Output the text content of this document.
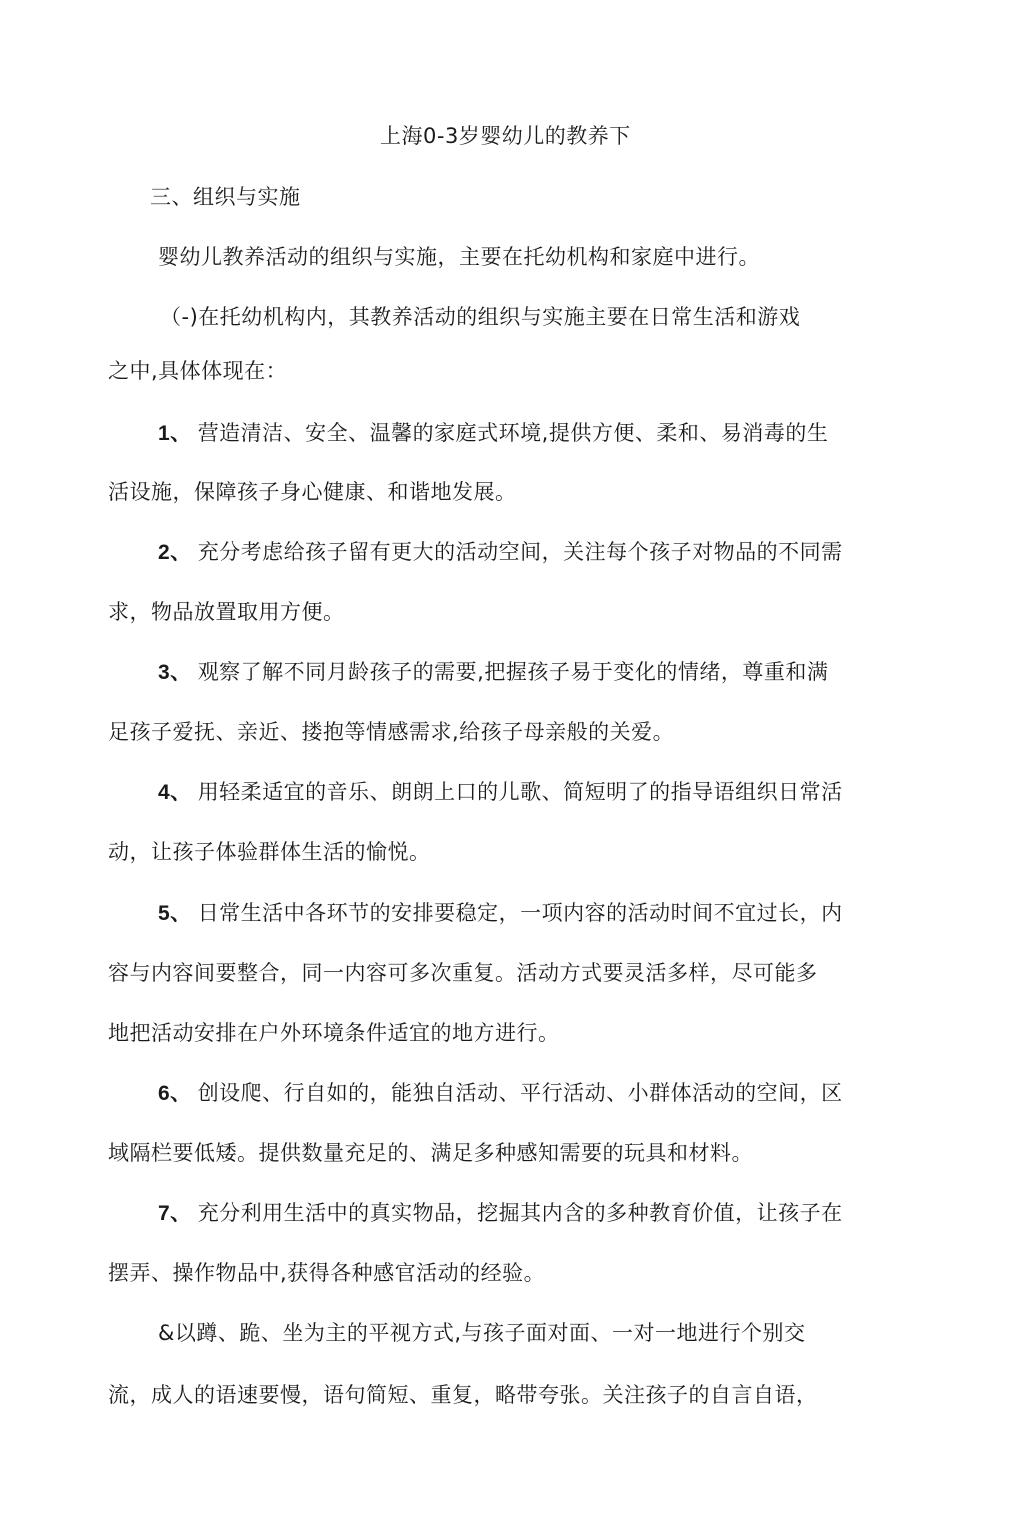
上海0-3岁婴幼儿的教养下
三、组织与实施
婴幼儿教养活动的组织与实施，主要在托幼机构和家庭中进行。
（-)在托幼机构内，其教养活动的组织与实施主要在日常生活和游戏
之中,具体体现在：
1、 营造清洁、安全、温馨的家庭式环境,提供方便、柔和、易消毒的生
活设施，保障孩子身心健康、和谐地发展。
2、 充分考虑给孩子留有更大的活动空间，关注每个孩子对物品的不同需
求，物品放置取用方便。
3、 观察了解不同月龄孩子的需要,把握孩子易于变化的情绪，尊重和满
足孩子爱抚、亲近、搂抱等情感需求,给孩子母亲般的关爱。
4、 用轻柔适宜的音乐、朗朗上口的儿歌、简短明了的指导语组织日常活
动，让孩子体验群体生活的愉悦。
5、 日常生活中各环节的安排要稳定，一项内容的活动时间不宜过长，内
容与内容间要整合，同一内容可多次重复。活动方式要灵活多样，尽可能多
地把活动安排在户外环境条件适宜的地方进行。
6、 创设爬、行自如的，能独自活动、平行活动、小群体活动的空间，区
域隔栏要低矮。提供数量充足的、满足多种感知需要的玩具和材料。
7、 充分利用生活中的真实物品，挖掘其内含的多种教育价值，让孩子在
摆弄、操作物品中,获得各种感官活动的经验。
&以蹲、跪、坐为主的平视方式,与孩子面对面、一对一地进行个别交
流，成人的语速要慢，语句简短、重复，略带夸张。关注孩子的自言自语，
